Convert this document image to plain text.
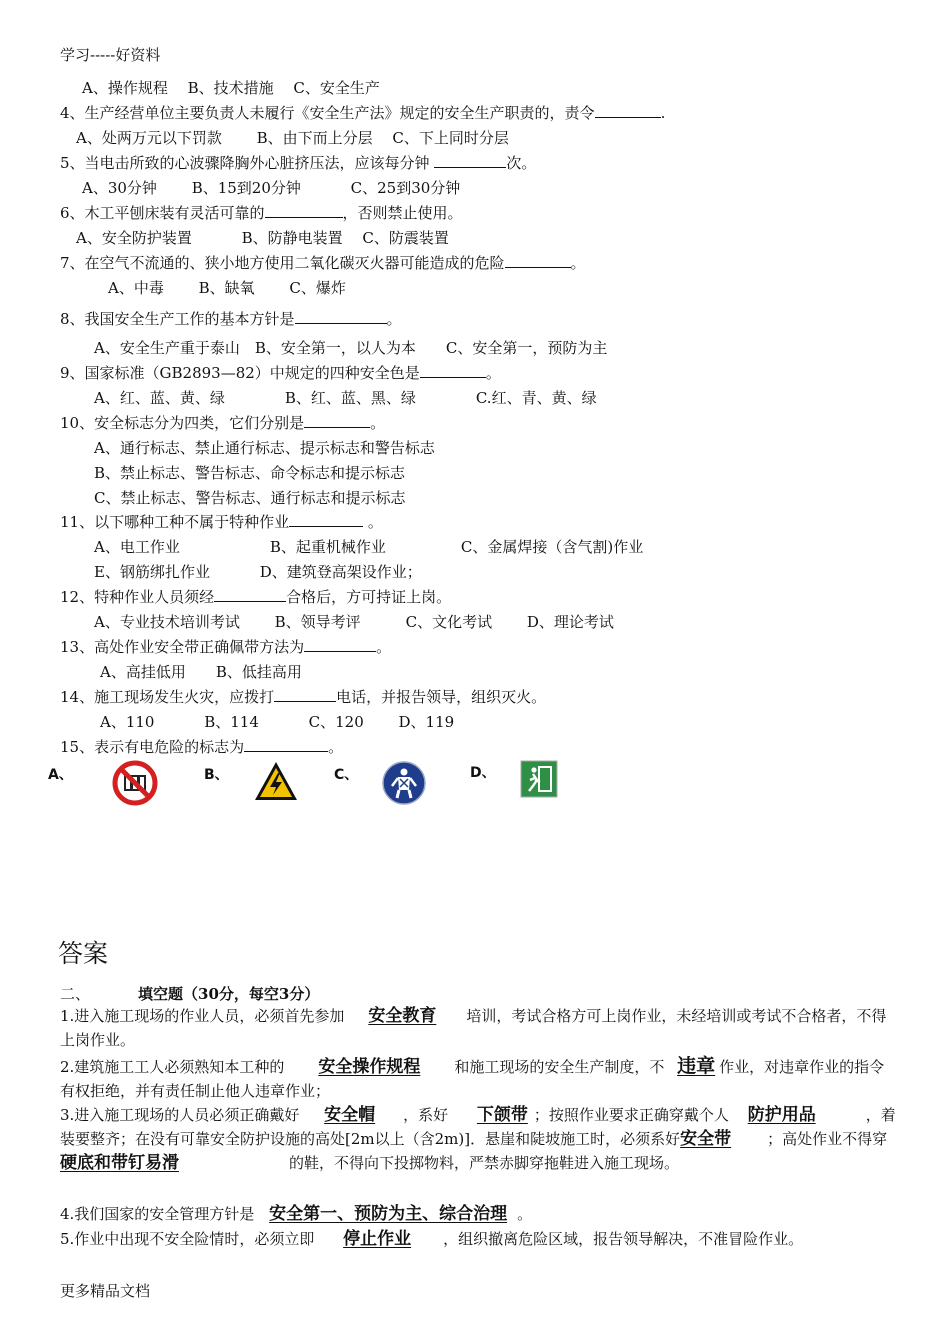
学习-----好资料
A、操作规程　 B、技术措施　 C、安全生产
4、生产经营单位主要负责人未履行《安全生产法》规定的安全生产职责的，责令	.
A、处两万元以下罚款　　 B、由下而上分层　 C、下上同时分层
5、当电击所致的心波骤降胸外心脏挤压法，应该每分钟	次。
A、30分钟　　 B、15到20分钟　　　 C、25到30分钟
6、木工平刨床装有灵活可靠的	，否则禁止使用。
A、安全防护装置　　　 B、防静电装置　 C、防震装置
7、在空气不流通的、狭小地方使用二氧化碳灭火器可能造成的危险	。
A、中毒　　 B、缺氧　　 C、爆炸
8、我国安全生产工作的基本方针是	。
A、安全生产重于泰山　B、安全第一，以人为本　　C、安全第一，预防为主
9、国家标准（GB2893—82）中规定的四种安全色是	。
A、红、蓝、黄、绿　　　　B、红、蓝、黑、绿　　　　C.红、青、黄、绿
10、安全标志分为四类，它们分别是	。
A、通行标志、禁止通行标志、提示标志和警告标志
B、禁止标志、警告标志、命令标志和提示标志
C、禁止标志、警告标志、通行标志和提示标志
11、以下哪种工种不属于特种作业	。
A、电工作业　　　　　　B、起重机械作业　　　　　C、金属焊接（含气割)作业
E、钢筋绑扎作业　　　 D、建筑登高架设作业；
12、特种作业人员须经	合格后，方可持证上岗。
A、专业技术培训考试　　 B、领导考评　　　C、文化考试　　 D、理论考试
13、高处作业安全带正确佩带方法为	。
A、高挂低用　　B、低挂高用
14、施工现场发生火灾，应拨打	电话，并报告领导，组织灭火。
A、110　　　 B、114　　　 C、120　　 D、119
15、表示有电危险的标志为	。
A、	B、	C、	D、
答案
二、	填空题（30分，每空3分）
1.进入施工现场的作业人员，必须首先参加 安全教育 培训，考试合格方可上岗作业，未经培训或考试不合格者，不得上岗作业。
2.建筑施工工人必须熟知本工种的 安全操作规程 和施工现场的安全生产制度，不 违章 作业，对违章作业的指令有权拒绝，并有责任制止他人违章作业；
3.进入施工现场的人员必须正确戴好 安全帽 ，系好 下颌带 ；按照作业要求正确穿戴个人 防护用品	，着装要整齐；在没有可靠安全防护设施的高处[2m以上（含2m)]．悬崖和陡坡施工时，必须系好安全带 ；高处作业不得穿硬底和带钉易滑	的鞋，不得向下投掷物料，严禁赤脚穿拖鞋进入施工现场。
4.我们国家的安全管理方针是 安全第一、预防为主、综合治理 。
5.作业中出现不安全险情时，必须立即 停止作业 ，组织撤离危险区域，报告领导解决，不准冒险作业。
更多精品文档
